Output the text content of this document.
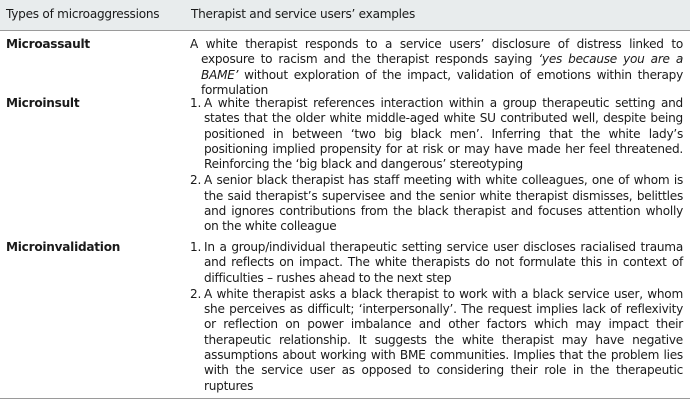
Types of microaggressions	Therapist and service users’ examples
Microassault	A white therapist responds to a service users’ disclosure of distress linked to exposure to racism and the therapist responds saying ‘yes because you are a BAME’ without exploration of the impact, validation of emotions within therapy formulation

Microinsult	1. A white therapist references interaction within a group therapeutic setting and states that the older white middle-aged white SU contributed well, despite being positioned in between ‘two big black men’. Inferring that the white lady’s positioning implied propensity for at risk or may have made her feel threatened. Reinforcing the ‘big black and dangerous’ stereotyping

2. A senior black therapist has staff meeting with white colleagues, one of whom is the said therapist’s supervisee and the senior white therapist dismisses, belittles and ignores contributions from the black therapist and focuses attention wholly on the white colleague

Microinvalidation	1. In a group/individual therapeutic setting service user discloses racialised trauma and reflects on impact. The white therapists do not formulate this in context of difficulties – rushes ahead to the next step

2. A white therapist asks a black therapist to work with a black service user, whom she perceives as difficult; ‘interpersonally’. The request implies lack of reflexivity or reflection on power imbalance and other factors which may impact their therapeutic relationship. It suggests the white therapist may have negative assumptions about working with BME communities. Implies that the problem lies with the service user as opposed to considering their role in the therapeutic ruptures
